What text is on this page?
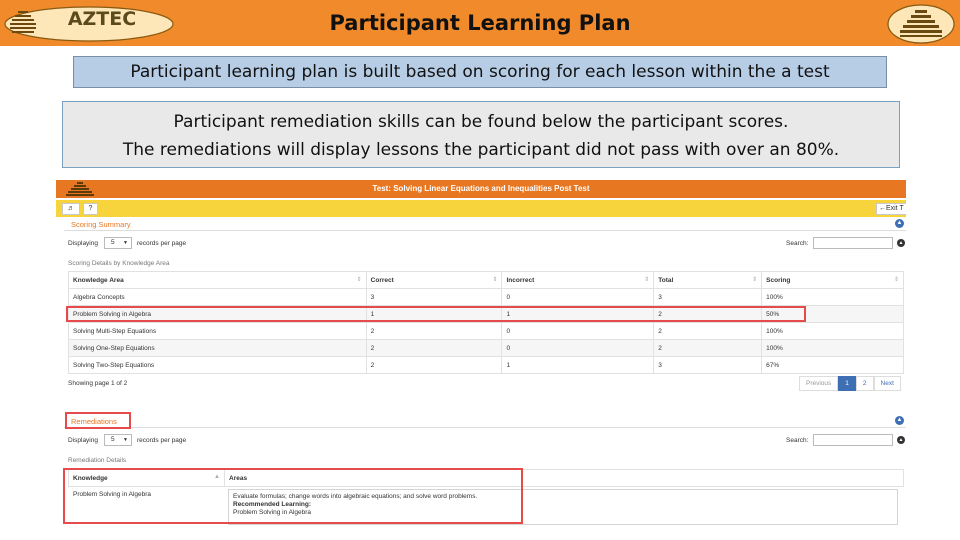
AZTEC	Participant Learning Plan
Participant learning plan is built based on scoring for each lesson within the a test
Participant remediation skills can be found below the participant scores.
The remediations will display lessons the participant did not pass with over an 80%.
Test: Solving Linear Equations and Inequalities Post Test
♬	?	←Exit T
Scoring Summary	▲
Displaying	5 ▼ records per page	Search:	▲
Scoring Details by Knowledge Area
Knowledge Area ⇕	Correct ⇕	Incorrect ⇕	Total ⇕	Scoring ⇕

Algebra Concepts	3	0	3	100%
Problem Solving in Algebra	1	1	2	50%
Solving Multi-Step Equations	2	0	2	100%
Solving One-Step Equations	2	0	2	100%
Solving Two-Step Equations	2	1	3	67%
Showing page 1 of 2	Previous	1	2	Next
Remediations	▲
Displaying	5 ▼ records per page	Search:	▲
Remediation Details
Knowledge	▲	Areas
Problem Solving in Algebra	Evaluate formulas; change words into algebraic equations; and solve word problems.
Recommended Learning:
Problem Solving in Algebra
